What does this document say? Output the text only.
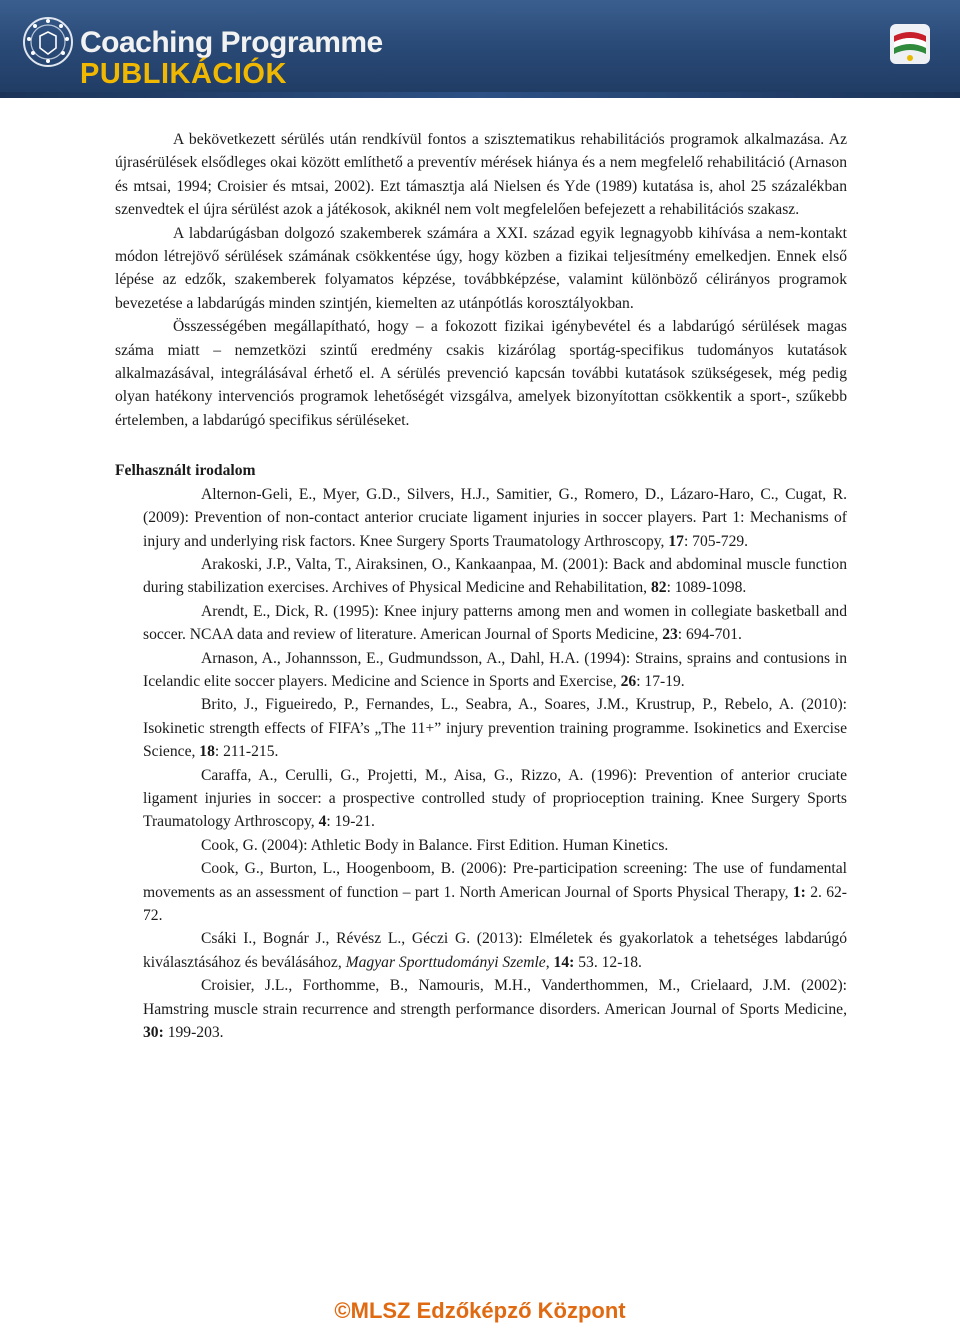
Coaching Programme
PUBLIKÁCIÓK

A bekövetkezett sérülés után rendkívül fontos a szisztematikus rehabilitációs programok alkalmazása. Az újrasérülések elsődleges okai között említhető a preventív mérések hiánya és a nem megfelelő rehabilitáció (Arnason és mtsai, 1994; Croisier és mtsai, 2002). Ezt támasztja alá Nielsen és Yde (1989) kutatása is, ahol 25 százalékban szenvedtek el újra sérülést azok a játékosok, akiknél nem volt megfelelően befejezett a rehabilitációs szakasz.

A labdarúgásban dolgozó szakemberek számára a XXI. század egyik legnagyobb kihívása a nem-kontakt módon létrejövő sérülések számának csökkentése úgy, hogy közben a fizikai teljesítmény emelkedjen. Ennek első lépése az edzők, szakemberek folyamatos képzése, továbbképzése, valamint különböző célirányos programok bevezetése a labdarúgás minden szintjén, kiemelten az utánpótlás korosztályokban.

Összességében megállapítható, hogy – a fokozott fizikai igénybevétel és a labdarúgó sérülések magas száma miatt – nemzetközi szintű eredmény csakis kizárólag sportág-specifikus tudományos kutatások alkalmazásával, integrálásával érhető el. A sérülés prevenció kapcsán további kutatások szükségesek, még pedig olyan hatékony intervenciós programok lehetőségét vizsgálva, amelyek bizonyítottan csökkentik a sport-, szűkebb értelemben, a labdarúgó specifikus sérüléseket.

Felhasznált irodalom

Alternon-Geli, E., Myer, G.D., Silvers, H.J., Samitier, G., Romero, D., Lázaro-Haro, C., Cugat, R. (2009): Prevention of non-contact anterior cruciate ligament injuries in soccer players. Part 1: Mechanisms of injury and underlying risk factors. Knee Surgery Sports Traumatology Arthroscopy, 17: 705-729.

Arakoski, J.P., Valta, T., Airaksinen, O., Kankaanpaa, M. (2001): Back and abdominal muscle function during stabilization exercises. Archives of Physical Medicine and Rehabilitation, 82: 1089-1098.

Arendt, E., Dick, R. (1995): Knee injury patterns among men and women in collegiate basketball and soccer. NCAA data and review of literature. American Journal of Sports Medicine, 23: 694-701.

Arnason, A., Johannsson, E., Gudmundsson, A., Dahl, H.A. (1994): Strains, sprains and contusions in Icelandic elite soccer players. Medicine and Science in Sports and Exercise, 26: 17-19.

Brito, J., Figueiredo, P., Fernandes, L., Seabra, A., Soares, J.M., Krustrup, P., Rebelo, A. (2010): Isokinetic strength effects of FIFA’s „The 11+” injury prevention training programme. Isokinetics and Exercise Science, 18: 211-215.

Caraffa, A., Cerulli, G., Projetti, M., Aisa, G., Rizzo, A. (1996): Prevention of anterior cruciate ligament injuries in soccer: a prospective controlled study of proprioception training. Knee Surgery Sports Traumatology Arthroscopy, 4: 19-21.

Cook, G. (2004): Athletic Body in Balance. First Edition. Human Kinetics.

Cook, G., Burton, L., Hoogenboom, B. (2006): Pre-participation screening: The use of fundamental movements as an assessment of function – part 1. North American Journal of Sports Physical Therapy, 1: 2. 62-72.

Csáki I., Bognár J., Révész L., Géczi G. (2013): Elméletek és gyakorlatok a tehetséges labdarúgó kiválasztásához és beválásához, Magyar Sporttudományi Szemle, 14: 53. 12-18.

Croisier, J.L., Forthomme, B., Namouris, M.H., Vanderthommen, M., Crielaard, J.M. (2002): Hamstring muscle strain recurrence and strength performance disorders. American Journal of Sports Medicine, 30: 199-203.

©MLSZ Edzőképző Központ
